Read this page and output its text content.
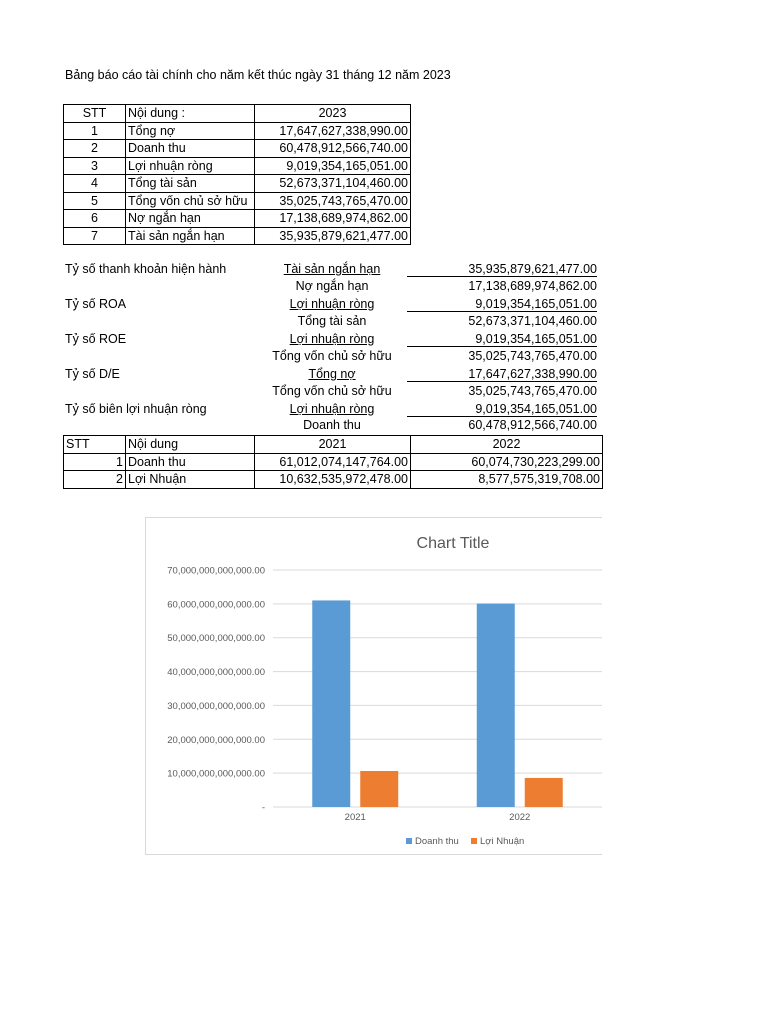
Bảng báo cáo tài chính cho năm kết thúc ngày 31 tháng 12 năm 2023
STT	Nội dung :	2023
1	Tổng nợ	17,647,627,338,990.00
2	Doanh thu	60,478,912,566,740.00
3	Lợi nhuận ròng	9,019,354,165,051.00
4	Tổng tài sản	52,673,371,104,460.00
5	Tổng vốn chủ sở hữu	35,025,743,765,470.00
6	Nợ ngắn hạn	17,138,689,974,862.00
7	Tài sản ngắn hạn	35,935,879,621,477.00
Tỷ số thanh khoản hiện hành	Tài sản ngắn hạn	35,935,879,621,477.00
Nợ ngắn hạn	17,138,689,974,862.00
Tỷ số ROA	Lợi nhuận ròng	9,019,354,165,051.00
Tổng tài sản	52,673,371,104,460.00
Tỷ số ROE	Lợi nhuận ròng	9,019,354,165,051.00
Tổng vốn chủ sở hữu	35,025,743,765,470.00
Tỷ số D/E	Tổng nợ	17,647,627,338,990.00
Tổng vốn chủ sở hữu	35,025,743,765,470.00
Tỷ số biên lợi nhuận ròng	Lợi nhuận ròng	9,019,354,165,051.00
Doanh thu	60,478,912,566,740.00
STT	Nội dung	2021	2022
1	Doanh thu	61,012,074,147,764.00	60,074,730,223,299.00
2	Lợi Nhuận	10,632,535,972,478.00	8,577,575,319,708.00
Chart Title
-
10,000,000,000,000.00
20,000,000,000,000.00
30,000,000,000,000.00
40,000,000,000,000.00
50,000,000,000,000.00
60,000,000,000,000.00
70,000,000,000,000.00
2021	2022
Doanh thu Lợi Nhuận
